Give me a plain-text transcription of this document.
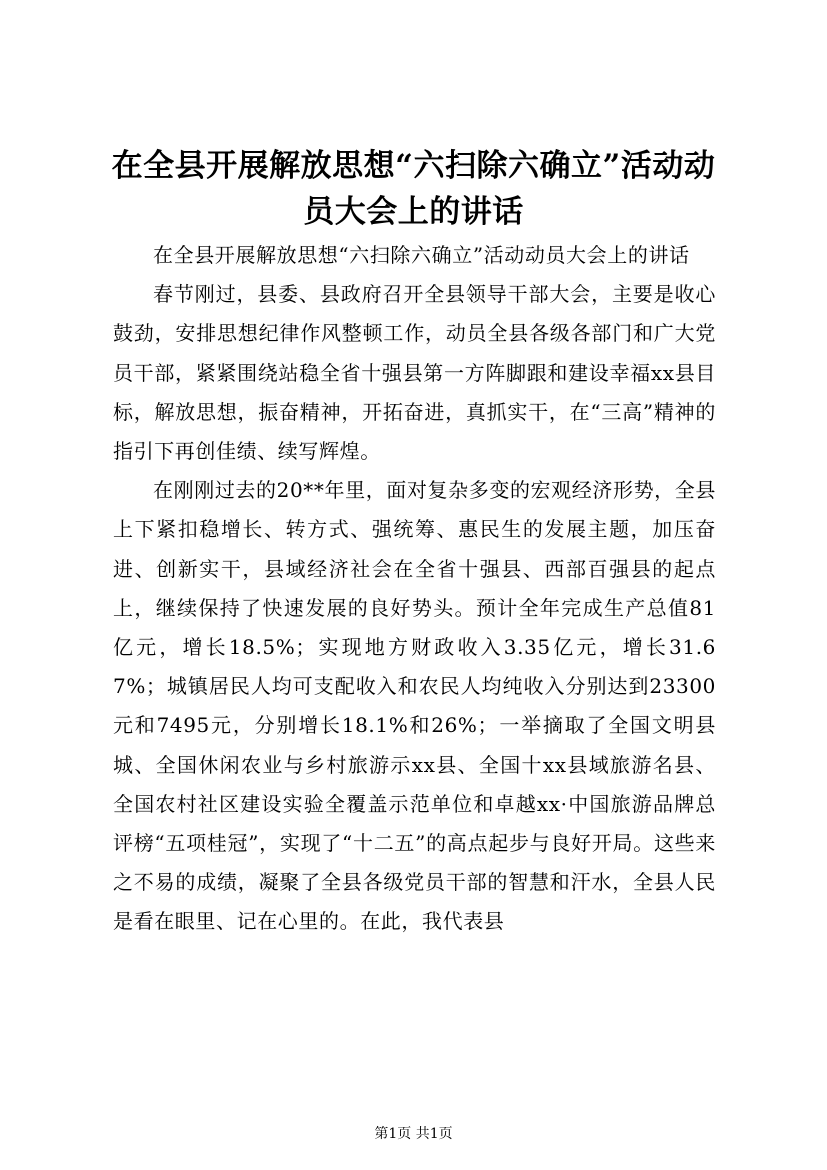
在全县开展解放思想“六扫除六确立”活动动员大会上的讲话

在全县开展解放思想“六扫除六确立”活动动员大会上的讲话

春节刚过，县委、县政府召开全县领导干部大会，主要是收心鼓劲，安排思想纪律作风整顿工作，动员全县各级各部门和广大党员干部，紧紧围绕站稳全省十强县第一方阵脚跟和建设幸福xx县目标，解放思想，振奋精神，开拓奋进，真抓实干，在“三高”精神的指引下再创佳绩、续写辉煌。

在刚刚过去的20**年里，面对复杂多变的宏观经济形势，全县上下紧扣稳增长、转方式、强统筹、惠民生的发展主题，加压奋进、创新实干，县域经济社会在全省十强县、西部百强县的起点上，继续保持了快速发展的良好势头。预计全年完成生产总值81亿元，增长18.5%；实现地方财政收入3.35亿元，增长31.67%；城镇居民人均可支配收入和农民人均纯收入分别达到23300元和7495元，分别增长18.1%和26%；一举摘取了全国文明县城、全国休闲农业与乡村旅游示xx县、全国十xx县域旅游名县、全国农村社区建设实验全覆盖示范单位和卓越xx·中国旅游品牌总评榜“五项桂冠”，实现了“十二五”的高点起步与良好开局。这些来之不易的成绩，凝聚了全县各级党员干部的智慧和汗水，全县人民是看在眼里、记在心里的。在此，我代表县

第1页 共1页
